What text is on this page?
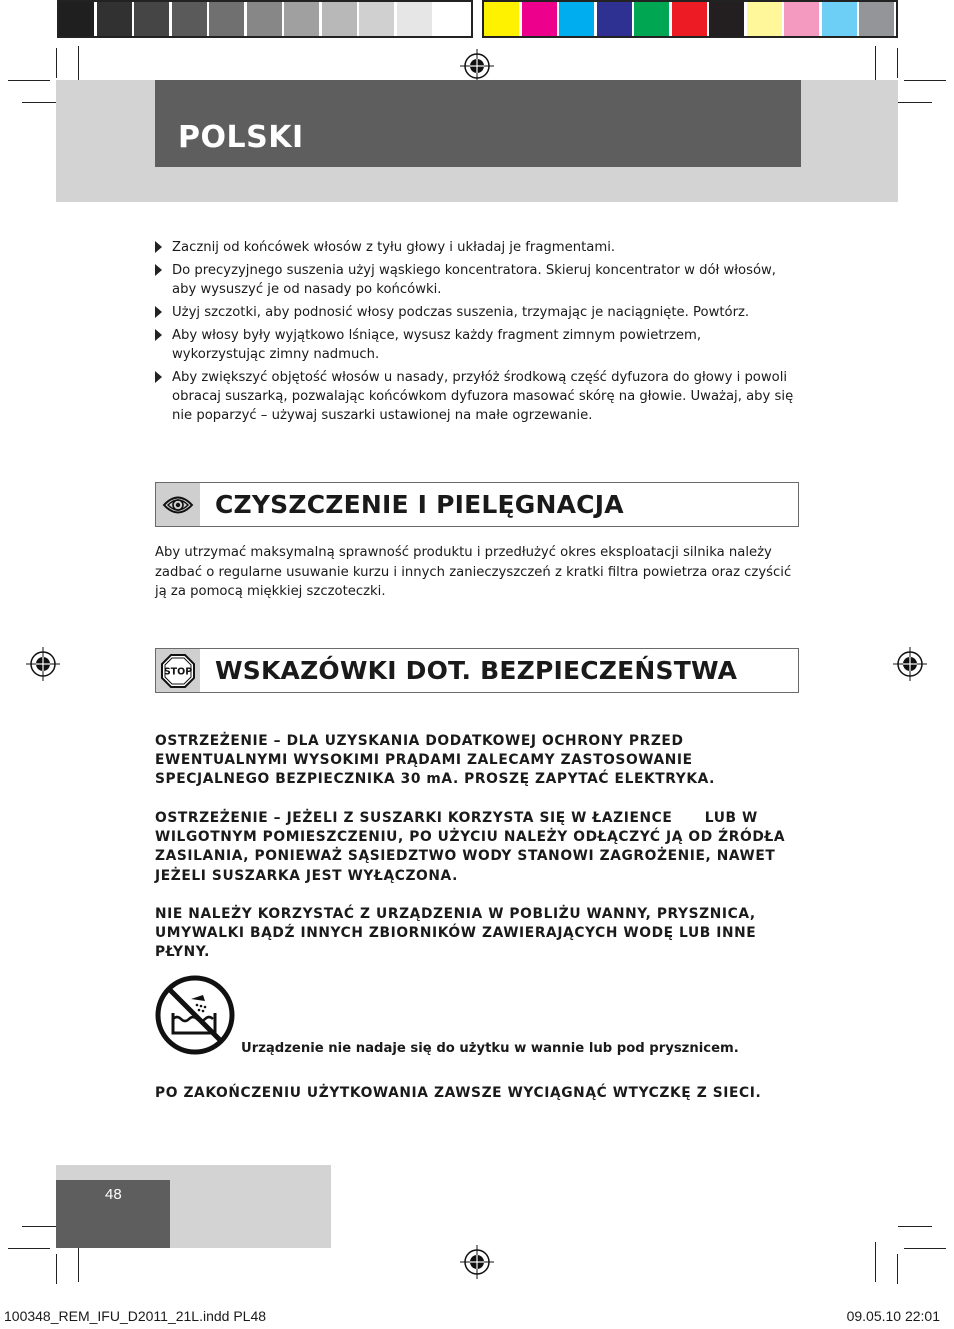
POLSKI
Zacznij od końcówek włosów z tyłu głowy i układaj je fragmentami.
Do precyzyjnego suszenia użyj wąskiego koncentratora. Skieruj koncentrator w dół włosów, aby wysuszyć je od nasady po końcówki.
Użyj szczotki, aby podnosić włosy podczas suszenia, trzymając je naciągnięte. Powtórz.
Aby włosy były wyjątkowo lśniące, wysusz każdy fragment zimnym powietrzem, wykorzystując zimny nadmuch.
Aby zwiększyć objętość włosów u nasady, przyłóż środkową część dyfuzora do głowy i powoli obracaj suszarką, pozwalając końcówkom dyfuzora masować skórę na głowie. Uważaj, aby się nie poparzyć – używaj suszarki ustawionej na małe ogrzewanie.
CZYSZCZENIE I PIELĘGNACJA
Aby utrzymać maksymalną sprawność produktu i przedłużyć okres eksploatacji silnika należy zadbać o regularne usuwanie kurzu i innych zanieczyszczeń z kratki filtra powietrza oraz czyścić ją za pomocą miękkiej szczoteczki.
STOP WSKAZÓWKI DOT. BEZPIECZEŃSTWA
OSTRZEŻENIE – DLA UZYSKANIA DODATKOWEJ OCHRONY PRZED EWENTUALNYMI WYSOKIMI PRĄDAMI ZALECAMY ZASTOSOWANIE SPECJALNEGO BEZPIECZNIKA 30 mA. PROSZĘ ZAPYTAĆ ELEKTRYKA.
OSTRZEŻENIE – JEŻELI Z SUSZARKI KORZYSTA SIĘ W ŁAZIENCE      LUB W WILGOTNYM POMIESZCZENIU, PO UŻYCIU NALEŻY ODŁĄCZYĆ JĄ OD ŹRÓDŁA ZASILANIA, PONIEWAŻ SĄSIEDZTWO WODY STANOWI ZAGROŻENIE, NAWET JEŻELI SUSZARKA JEST WYŁĄCZONA.
NIE NALEŻY KORZYSTAĆ Z URZĄDZENIA W POBLIŻU WANNY, PRYSZNICA, UMYWALKI BĄDŹ INNYCH ZBIORNIKÓW ZAWIERAJĄCYCH WODĘ LUB INNE PŁYNY.
Urządzenie nie nadaje się do użytku w wannie lub pod prysznicem.
PO ZAKOŃCZENIU UŻYTKOWANIA ZAWSZE WYCIĄGNĄĆ WTYCZKĘ Z SIECI.
48
100348_REM_IFU_D2011_21L.indd PL48	09.05.10 22:01
